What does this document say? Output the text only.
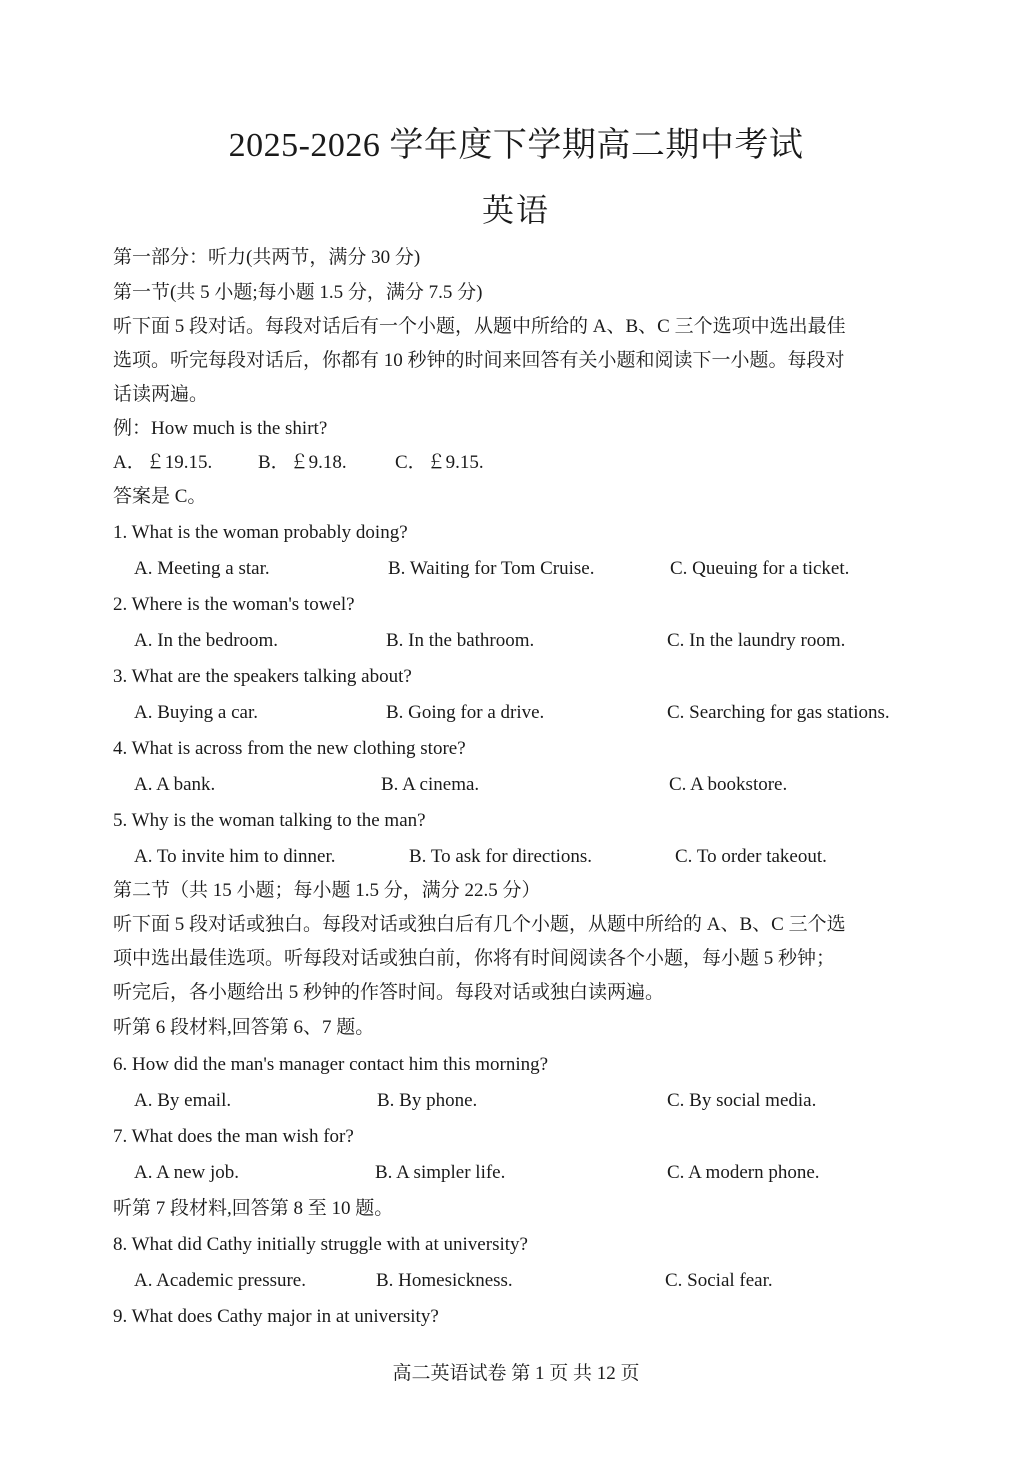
2025-2026 学年度下学期高二期中考试
英语
第一部分：听力(共两节，满分 30 分)
第一节(共 5 小题;每小题 1.5 分，满分 7.5 分)
听下面 5 段对话。每段对话后有一个小题，从题中所给的 A、B、C 三个选项中选出最佳
选项。听完每段对话后，你都有 10 秒钟的时间来回答有关小题和阅读下一小题。每段对
话读两遍。
例：How much is the shirt?
A．￡19.15. B．￡9.18.	C．￡9.15.
答案是 C。
1. What is the woman probably doing?
A. Meeting a star.	B. Waiting for Tom Cruise.	C. Queuing for a ticket.
2. Where is the woman's towel?
A. In the bedroom.	B. In the bathroom.	C. In the laundry room.
3. What are the speakers talking about?
A. Buying a car.	B. Going for a drive.	C. Searching for gas stations.
4. What is across from the new clothing store?
A. A bank.	B. A cinema.	C. A bookstore.
5. Why is the woman talking to the man?
A. To invite him to dinner.	B. To ask for directions.	C. To order takeout.
第二节（共 15 小题；每小题 1.5 分，满分 22.5 分）
听下面 5 段对话或独白。每段对话或独白后有几个小题，从题中所给的 A、B、C 三个选
项中选出最佳选项。听每段对话或独白前，你将有时间阅读各个小题，每小题 5 秒钟；
听完后，各小题给出 5 秒钟的作答时间。每段对话或独白读两遍。
听第 6 段材料,回答第 6、7 题。
6. How did the man's manager contact him this morning?
A. By email.	B. By phone.	C. By social media.
7. What does the man wish for?
A. A new job.	B. A simpler life.	C. A modern phone.
听第 7 段材料,回答第 8 至 10 题。
8. What did Cathy initially struggle with at university?
A. Academic pressure.	B. Homesickness.	C. Social fear.
9. What does Cathy major in at university?
高二英语试卷 第 1 页 共 12 页
